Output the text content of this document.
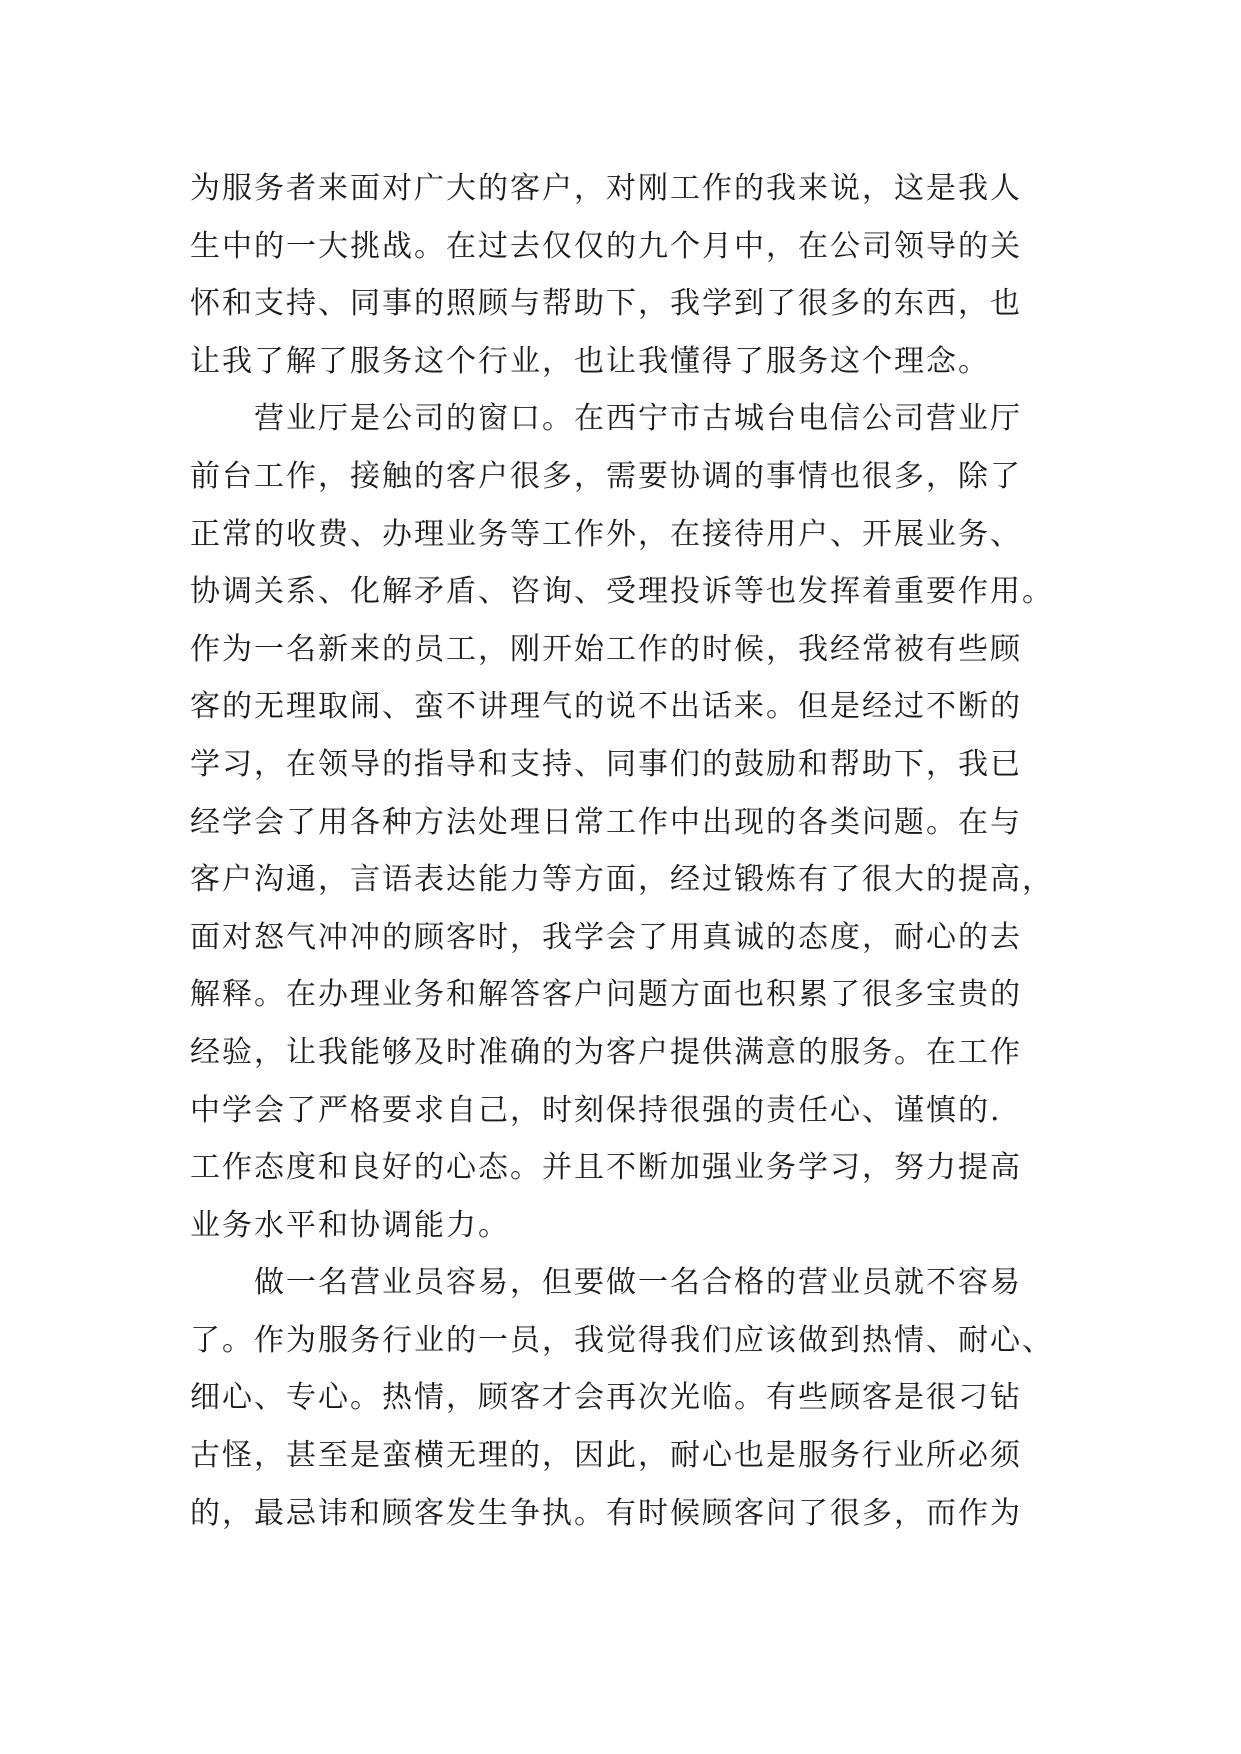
为服务者来面对广大的客户，对刚工作的我来说，这是我人
生中的一大挑战。在过去仅仅的九个月中，在公司领导的关
怀和支持、同事的照顾与帮助下，我学到了很多的东西，也
让我了解了服务这个行业，也让我懂得了服务这个理念。
　　营业厅是公司的窗口。在西宁市古城台电信公司营业厅
前台工作，接触的客户很多，需要协调的事情也很多，除了
正常的收费、办理业务等工作外，在接待用户、开展业务、
协调关系、化解矛盾、咨询、受理投诉等也发挥着重要作用。
作为一名新来的员工，刚开始工作的时候，我经常被有些顾
客的无理取闹、蛮不讲理气的说不出话来。但是经过不断的
学习，在领导的指导和支持、同事们的鼓励和帮助下，我已
经学会了用各种方法处理日常工作中出现的各类问题。在与
客户沟通，言语表达能力等方面，经过锻炼有了很大的提高，
面对怒气冲冲的顾客时，我学会了用真诚的态度，耐心的去
解释。在办理业务和解答客户问题方面也积累了很多宝贵的
经验，让我能够及时准确的为客户提供满意的服务。在工作
中学会了严格要求自己，时刻保持很强的责任心、谨慎的.
工作态度和良好的心态。并且不断加强业务学习，努力提高
业务水平和协调能力。
　　做一名营业员容易，但要做一名合格的营业员就不容易
了。作为服务行业的一员，我觉得我们应该做到热情、耐心、
细心、专心。热情，顾客才会再次光临。有些顾客是很刁钻
古怪，甚至是蛮横无理的，因此，耐心也是服务行业所必须
的，最忌讳和顾客发生争执。有时候顾客问了很多，而作为
